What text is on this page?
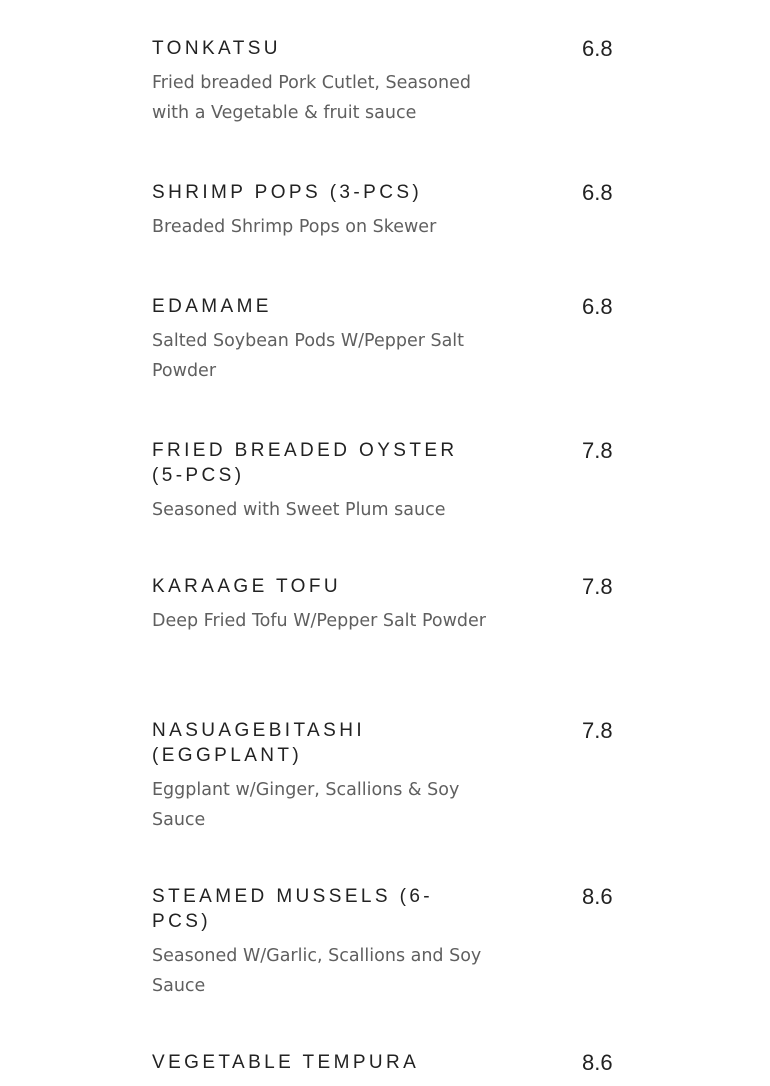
TONKATSU
Fried breaded Pork Cutlet, Seasoned with a Vegetable & fruit sauce
6.8
SHRIMP POPS (3-PCS)
Breaded Shrimp Pops on Skewer
6.8
EDAMAME
Salted Soybean Pods W/Pepper Salt Powder
6.8
FRIED BREADED OYSTER (5-PCS)
Seasoned with Sweet Plum sauce
7.8
KARAAGE TOFU
Deep Fried Tofu W/Pepper Salt Powder
7.8
NASUAGEBITASHI (EGGPLANT)
Eggplant w/Ginger, Scallions & Soy Sauce
7.8
STEAMED MUSSELS (6-PCS)
Seasoned W/Garlic, Scallions and Soy Sauce
8.6
VEGETABLE TEMPURA	8.6
